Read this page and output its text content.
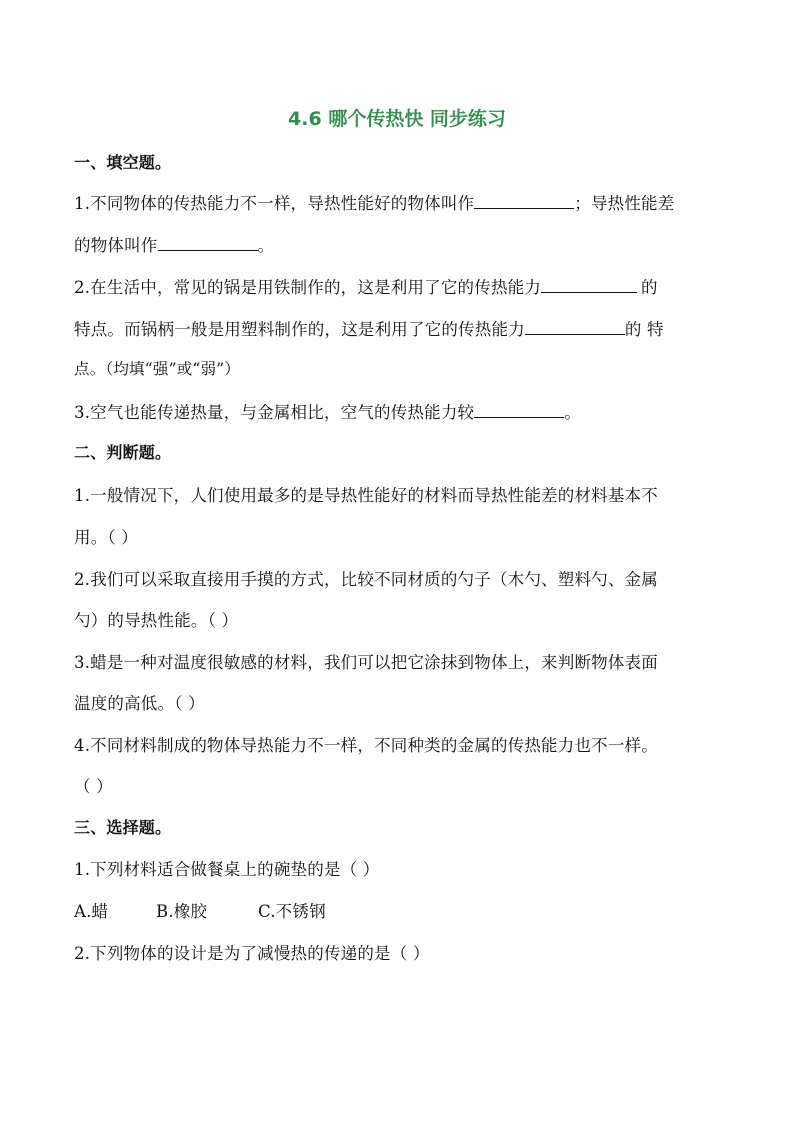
4.6 哪个传热快 同步练习
一、填空题。
1.不同物体的传热能力不一样，导热性能好的物体叫作	；导热性能差
的物体叫作	。
2.在生活中，常见的锅是用铁制作的，这是利用了它的传热能力	的
特点。而锅柄一般是用塑料制作的，这是利用了它的传热能力	的 特
点。（均填“强”或“弱”）
3.空气也能传递热量，与金属相比，空气的传热能力较	。
二、判断题。
1.一般情况下，人们使用最多的是导热性能好的材料而导热性能差的材料基本不
用。（ ）
2.我们可以采取直接用手摸的方式，比较不同材质的勺子（木勺、塑料勺、金属
勺）的导热性能。（ ）
3.蜡是一种对温度很敏感的材料，我们可以把它涂抹到物体上，来判断物体表面
温度的高低。（ ）
4.不同材料制成的物体导热能力不一样，不同种类的金属的传热能力也不一样。
（ ）
三、选择题。
1.下列材料适合做餐桌上的碗垫的是（ ）
A.蜡	B.橡胶	C.不锈钢
2.下列物体的设计是为了减慢热的传递的是（ ）
